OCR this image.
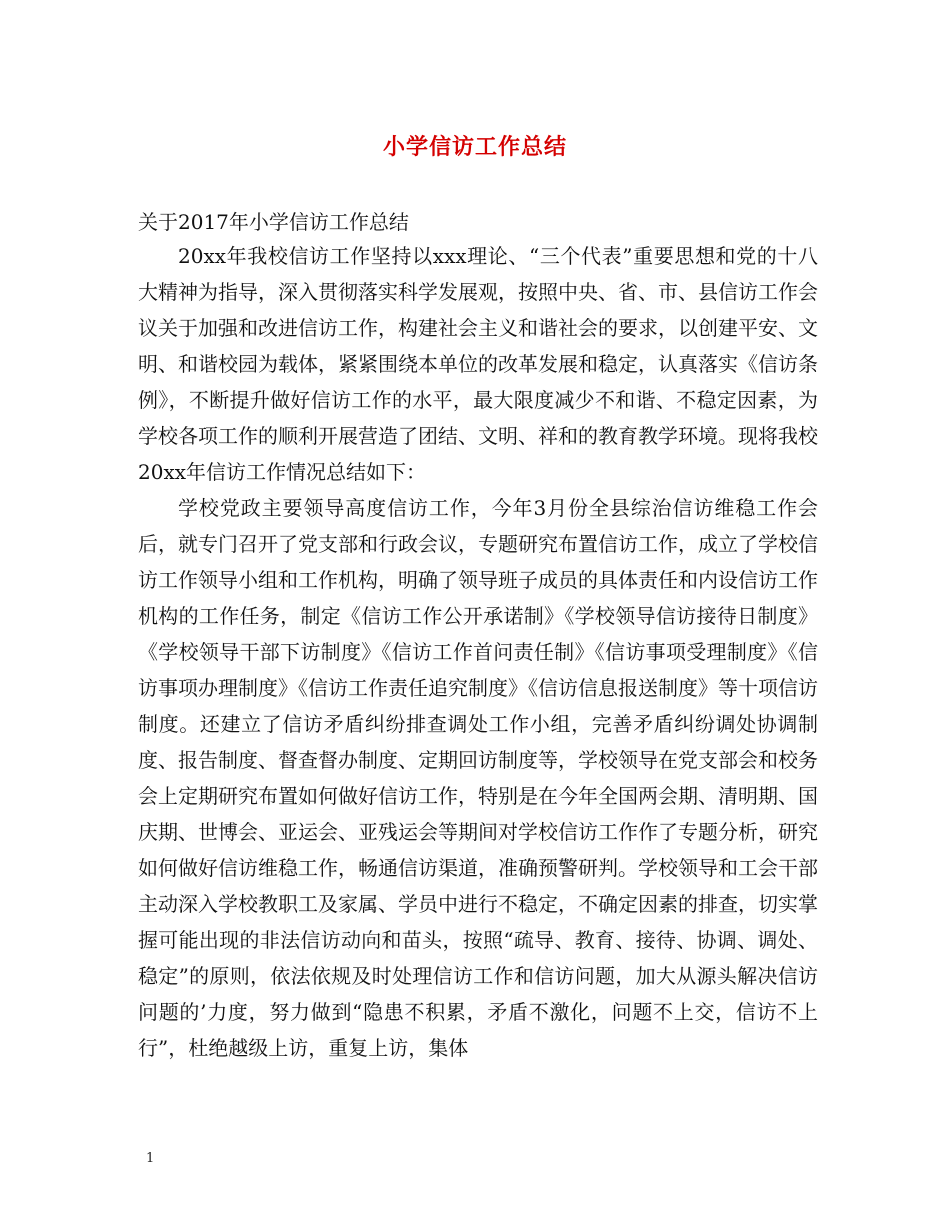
小学信访工作总结
关于2017年小学信访工作总结

20xx年我校信访工作坚持以xxx理论、“三个代表”重要思想和党的十八大精神为指导，深入贯彻落实科学发展观，按照中央、省、市、县信访工作会议关于加强和改进信访工作，构建社会主义和谐社会的要求，以创建平安、文明、和谐校园为载体，紧紧围绕本单位的改革发展和稳定，认真落实《信访条例》，不断提升做好信访工作的水平，最大限度减少不和谐、不稳定因素，为学校各项工作的顺利开展营造了团结、文明、祥和的教育教学环境。现将我校20xx年信访工作情况总结如下：

学校党政主要领导高度信访工作，今年3月份全县综治信访维稳工作会后，就专门召开了党支部和行政会议，专题研究布置信访工作，成立了学校信访工作领导小组和工作机构，明确了领导班子成员的具体责任和内设信访工作机构的工作任务，制定《信访工作公开承诺制》《学校领导信访接待日制度》《学校领导干部下访制度》《信访工作首问责任制》《信访事项受理制度》《信访事项办理制度》《信访工作责任追究制度》《信访信息报送制度》等十项信访制度。还建立了信访矛盾纠纷排查调处工作小组，完善矛盾纠纷调处协调制度、报告制度、督查督办制度、定期回访制度等，学校领导在党支部会和校务会上定期研究布置如何做好信访工作，特别是在今年全国两会期、清明期、国庆期、世博会、亚运会、亚残运会等期间对学校信访工作作了专题分析，研究如何做好信访维稳工作，畅通信访渠道，准确预警研判。学校领导和工会干部主动深入学校教职工及家属、学员中进行不稳定，不确定因素的排查，切实掌握可能出现的非法信访动向和苗头，按照“疏导、教育、接待、协调、调处、稳定”的原则，依法依规及时处理信访工作和信访问题，加大从源头解决信访问题的’力度，努力做到“隐患不积累，矛盾不激化，问题不上交，信访不上行”，杜绝越级上访，重复上访，集体

1
